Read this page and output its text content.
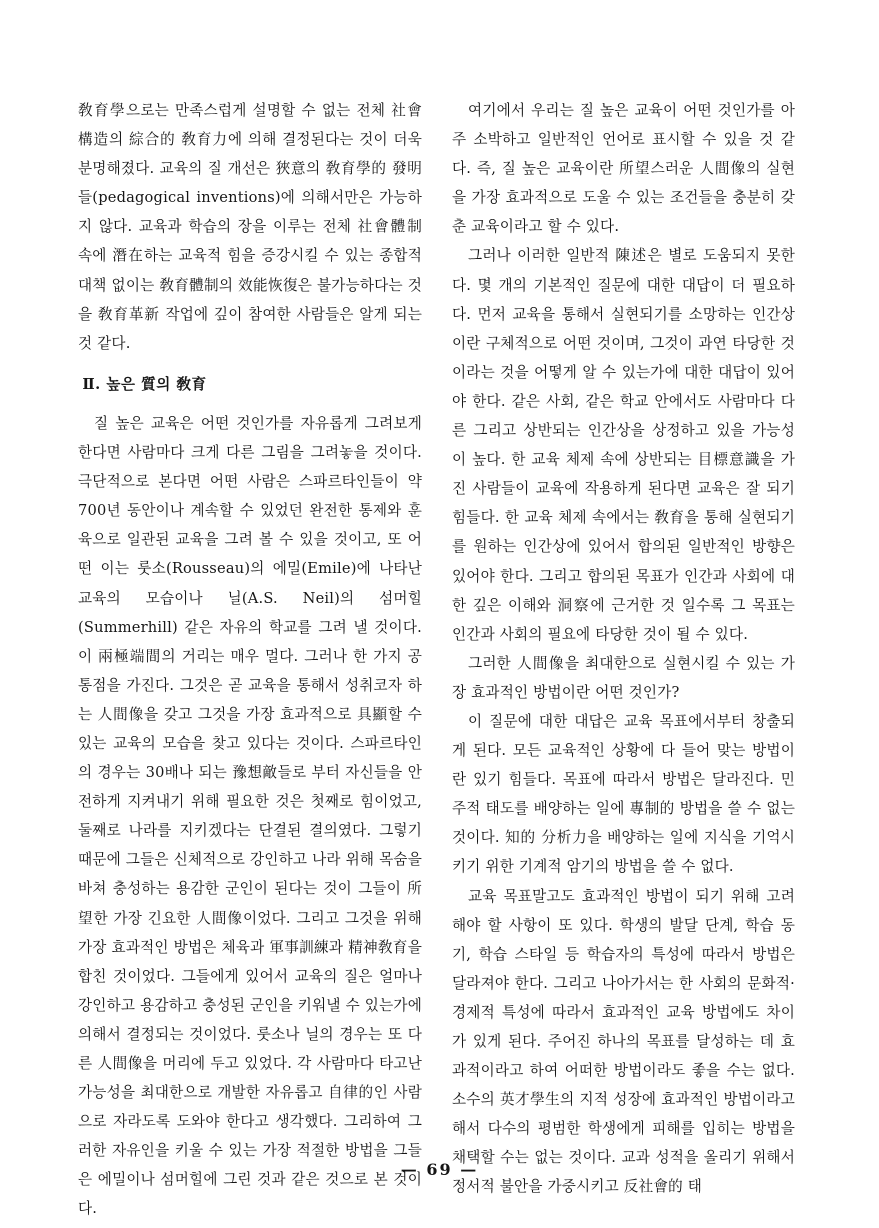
敎育學으로는 만족스럽게 설명할 수 없는 전체 社會構造의 綜合的 敎育力에 의해 결정된다는 것이 더욱 분명해졌다. 교육의 질 개선은 狹意의 敎育學的 發明들(pedagogical inventions)에 의해서만은 가능하지 않다. 교육과 학습의 장을 이루는 전체 社會體制 속에 潛在하는 교육적 힘을 증강시킬 수 있는 종합적 대책 없이는 敎育體制의 效能恢復은 불가능하다는 것을 敎育革新 작업에 깊이 참여한 사람들은 알게 되는 것 같다.

Ⅱ. 높은 質의 敎育

질 높은 교육은 어떤 것인가를 자유롭게 그려보게 한다면 사람마다 크게 다른 그림을 그려놓을 것이다. 극단적으로 본다면 어떤 사람은 스파르타인들이 약 700년 동안이나 계속할 수 있었던 완전한 통제와 훈육으로 일관된 교육을 그려 볼 수 있을 것이고, 또 어떤 이는 룻소(Rousseau)의 에밀(Emile)에 나타난 교육의 모습이나 닐(A.S. Neil)의 섬머힐(Summerhill) 같은 자유의 학교를 그려 낼 것이다. 이 兩極端間의 거리는 매우 멀다. 그러나 한 가지 공통점을 가진다. 그것은 곧 교육을 통해서 성취코자 하는 人間像을 갖고 그것을 가장 효과적으로 具顯할 수 있는 교육의 모습을 찾고 있다는 것이다. 스파르타인의 경우는 30배나 되는 豫想敵들로 부터 자신들을 안전하게 지켜내기 위해 필요한 것은 첫째로 힘이었고, 둘째로 나라를 지키겠다는 단결된 결의였다. 그렇기 때문에 그들은 신체적으로 강인하고 나라 위해 목숨을 바쳐 충성하는 용감한 군인이 된다는 것이 그들이 所望한 가장 긴요한 人間像이었다. 그리고 그것을 위해 가장 효과적인 방법은 체육과 軍事訓練과 精神敎育을 합친 것이었다. 그들에게 있어서 교육의 질은 얼마나 강인하고 용감하고 충성된 군인을 키워낼 수 있는가에 의해서 결정되는 것이었다. 룻소나 닐의 경우는 또 다른 人間像을 머리에 두고 있었다. 각 사람마다 타고난 가능성을 최대한으로 개발한 자유롭고 自律的인 사람으로 자라도록 도와야 한다고 생각했다. 그리하여 그러한 자유인을 키울 수 있는 가장 적절한 방법을 그들은 에밀이나 섬머힐에 그린 것과 같은 것으로 본 것이다.

여기에서 우리는 질 높은 교육이 어떤 것인가를 아주 소박하고 일반적인 언어로 표시할 수 있을 것 같다. 즉, 질 높은 교육이란 所望스러운 人間像의 실현을 가장 효과적으로 도울 수 있는 조건들을 충분히 갖춘 교육이라고 할 수 있다.

그러나 이러한 일반적 陳述은 별로 도움되지 못한다. 몇 개의 기본적인 질문에 대한 대답이 더 필요하다. 먼저 교육을 통해서 실현되기를 소망하는 인간상이란 구체적으로 어떤 것이며, 그것이 과연 타당한 것이라는 것을 어떻게 알 수 있는가에 대한 대답이 있어야 한다. 같은 사회, 같은 학교 안에서도 사람마다 다른 그리고 상반되는 인간상을 상정하고 있을 가능성이 높다. 한 교육 체제 속에 상반되는 目標意識을 가진 사람들이 교육에 작용하게 된다면 교육은 잘 되기 힘들다. 한 교육 체제 속에서는 敎育을 통해 실현되기를 원하는 인간상에 있어서 합의된 일반적인 방향은 있어야 한다. 그리고 합의된 목표가 인간과 사회에 대한 깊은 이해와 洞察에 근거한 것 일수록 그 목표는 인간과 사회의 필요에 타당한 것이 될 수 있다.

그러한 人間像을 최대한으로 실현시킬 수 있는 가장 효과적인 방법이란 어떤 것인가?

이 질문에 대한 대답은 교육 목표에서부터 창출되게 된다. 모든 교육적인 상황에 다 들어 맞는 방법이란 있기 힘들다. 목표에 따라서 방법은 달라진다. 민주적 태도를 배양하는 일에 專制的 방법을 쓸 수 없는 것이다. 知的 分析力을 배양하는 일에 지식을 기억시키기 위한 기계적 암기의 방법을 쓸 수 없다.

교육 목표말고도 효과적인 방법이 되기 위해 고려해야 할 사항이 또 있다. 학생의 발달 단계, 학습 동기, 학습 스타일 등 학습자의 특성에 따라서 방법은 달라져야 한다. 그리고 나아가서는 한 사회의 문화적·경제적 특성에 따라서 효과적인 교육 방법에도 차이가 있게 된다. 주어진 하나의 목표를 달성하는 데 효과적이라고 하여 어떠한 방법이라도 좋을 수는 없다. 소수의 英才學生의 지적 성장에 효과적인 방법이라고 해서 다수의 평범한 학생에게 피해를 입히는 방법을 채택할 수는 없는 것이다. 교과 성적을 올리기 위해서 정서적 불안을 가중시키고 反社會的 태

— 69 —
